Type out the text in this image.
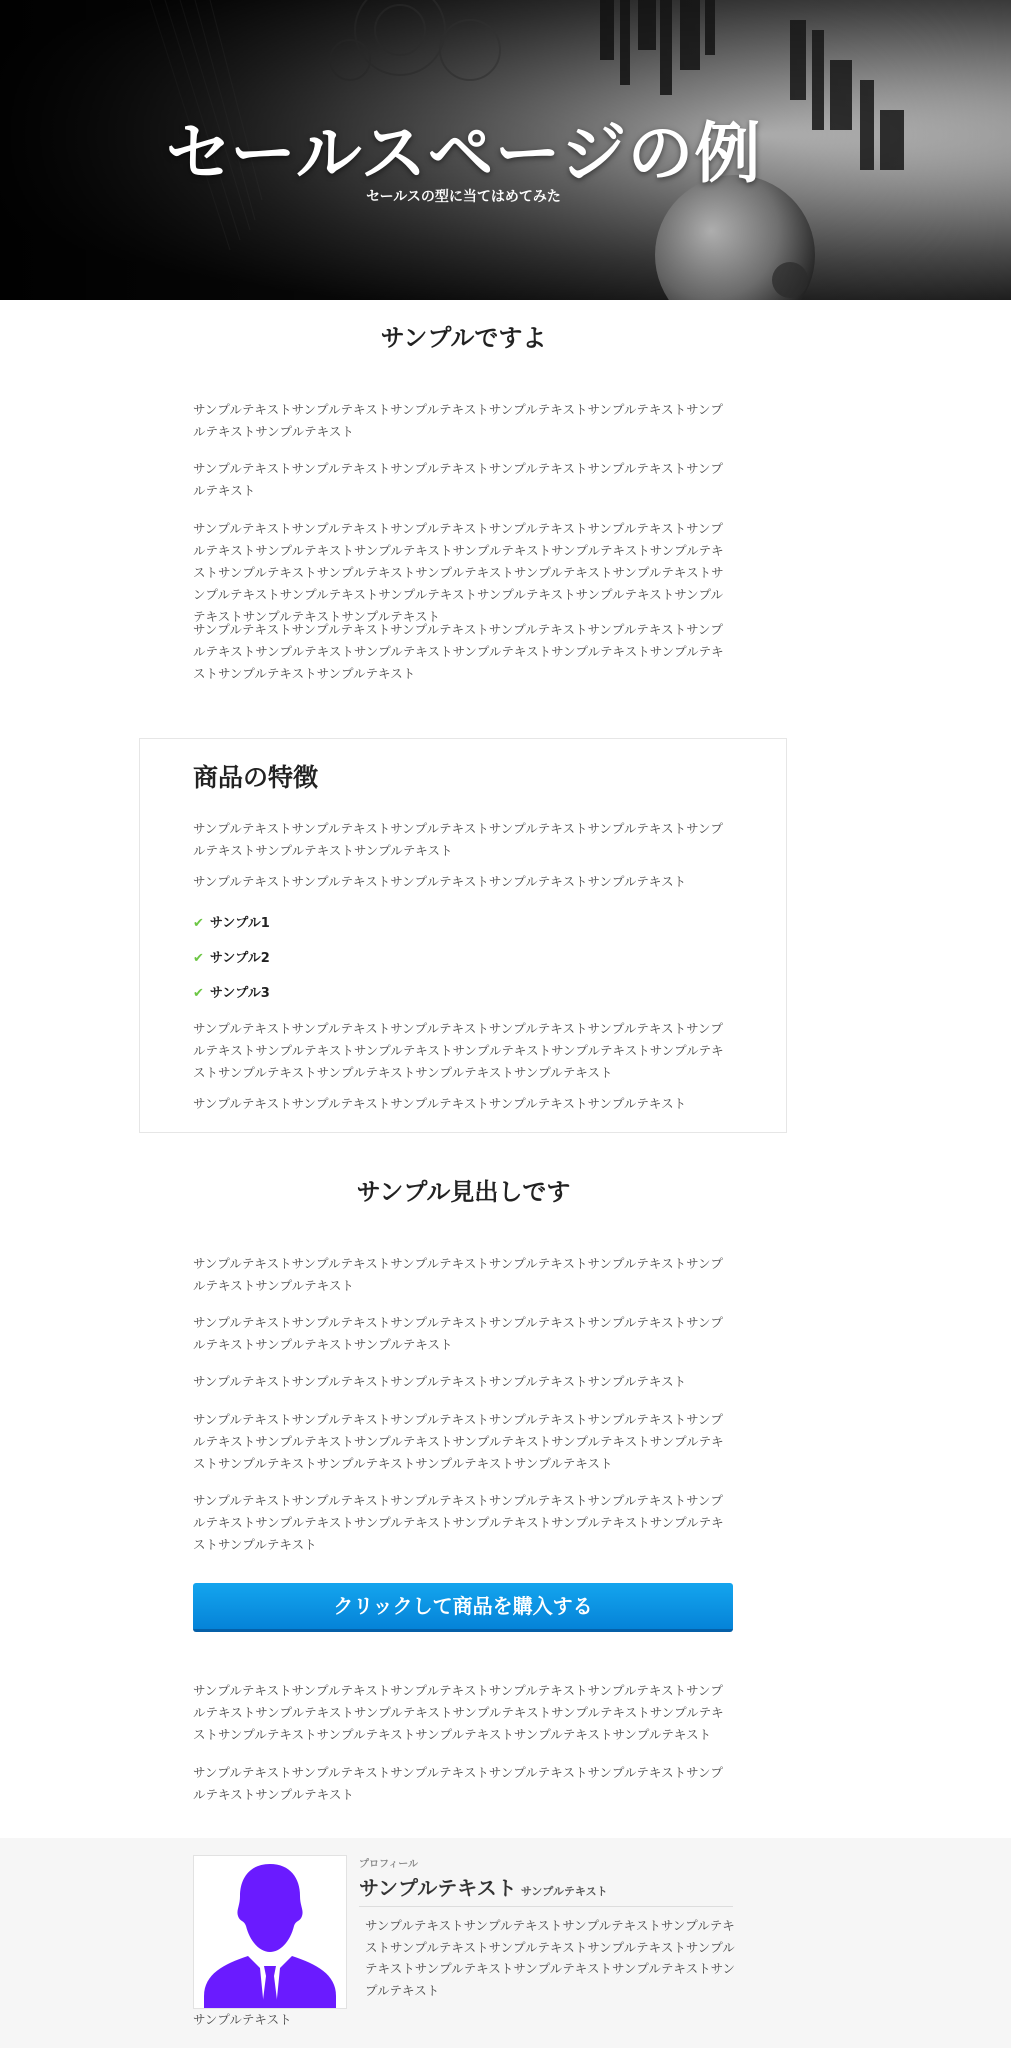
セールスページの例
セールスの型に当てはめてみた
サンプルですよ

サンプルテキストサンプルテキストサンプルテキストサンプルテキストサンプルテキストサンプルテキストサンプルテキスト

サンプルテキストサンプルテキストサンプルテキストサンプルテキストサンプルテキストサンプルテキスト

サンプルテキストサンプルテキストサンプルテキストサンプルテキストサンプルテキストサンプルテキストサンプルテキストサンプルテキストサンプルテキストサンプルテキストサンプルテキストサンプルテキストサンプルテキストサンプルテキストサンプルテキストサンプルテキストサンプルテキストサンプルテキストサンプルテキストサンプルテキストサンプルテキストサンプルテキストサンプルテキストサンプルテキスト

サンプルテキストサンプルテキストサンプルテキストサンプルテキストサンプルテキストサンプルテキストサンプルテキストサンプルテキストサンプルテキストサンプルテキストサンプルテキストサンプルテキストサンプルテキスト

商品の特徴

サンプルテキストサンプルテキストサンプルテキストサンプルテキストサンプルテキストサンプルテキストサンプルテキストサンプルテキスト

サンプルテキストサンプルテキストサンプルテキストサンプルテキストサンプルテキスト

✔ サンプル1
✔ サンプル2
✔ サンプル3

サンプルテキストサンプルテキストサンプルテキストサンプルテキストサンプルテキストサンプルテキストサンプルテキストサンプルテキストサンプルテキストサンプルテキストサンプルテキストサンプルテキストサンプルテキストサンプルテキストサンプルテキスト

サンプルテキストサンプルテキストサンプルテキストサンプルテキストサンプルテキスト

サンプル見出しです

サンプルテキストサンプルテキストサンプルテキストサンプルテキストサンプルテキストサンプルテキストサンプルテキスト

サンプルテキストサンプルテキストサンプルテキストサンプルテキストサンプルテキストサンプルテキストサンプルテキストサンプルテキスト

サンプルテキストサンプルテキストサンプルテキストサンプルテキストサンプルテキスト

サンプルテキストサンプルテキストサンプルテキストサンプルテキストサンプルテキストサンプルテキストサンプルテキストサンプルテキストサンプルテキストサンプルテキストサンプルテキストサンプルテキストサンプルテキストサンプルテキストサンプルテキスト

サンプルテキストサンプルテキストサンプルテキストサンプルテキストサンプルテキストサンプルテキストサンプルテキストサンプルテキストサンプルテキストサンプルテキストサンプルテキストサンプルテキスト

クリックして商品を購入する

サンプルテキストサンプルテキストサンプルテキストサンプルテキストサンプルテキストサンプルテキストサンプルテキストサンプルテキストサンプルテキストサンプルテキストサンプルテキストサンプルテキストサンプルテキストサンプルテキストサンプルテキストサンプルテキスト

サンプルテキストサンプルテキストサンプルテキストサンプルテキストサンプルテキストサンプルテキストサンプルテキスト

プロフィール
サンプルテキスト サンプルテキスト

サンプルテキストサンプルテキストサンプルテキストサンプルテキストサンプルテキストサンプルテキストサンプルテキストサンプルテキストサンプルテキストサンプルテキストサンプルテキストサンプルテキスト

サンプルテキスト
